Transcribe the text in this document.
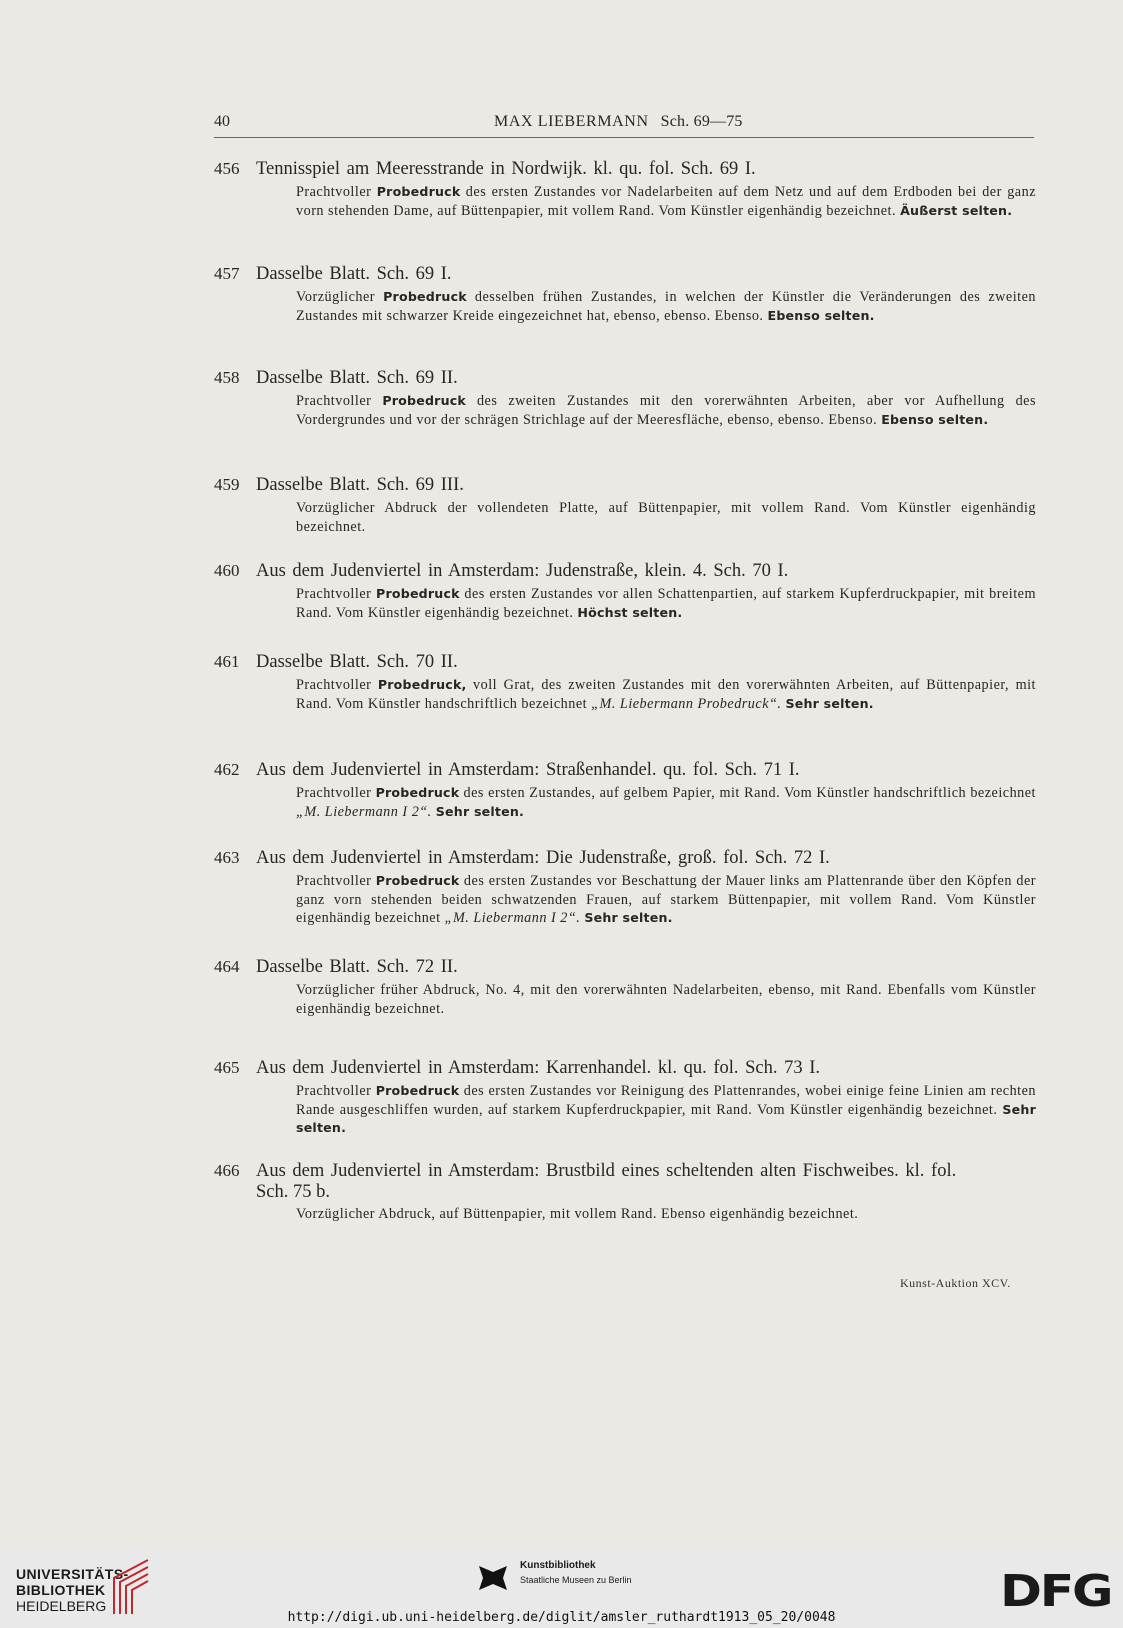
40	MAX LIEBERMANN Sch. 69—75
456 Tennisspiel am Meeresstrande in Nordwijk. kl. qu. fol. Sch. 69 I.
Prachtvoller Probedruck des ersten Zustandes vor Nadelarbeiten auf dem Netz und auf dem Erdboden bei der ganz vorn stehenden Dame, auf Büttenpapier, mit vollem Rand. Vom Künstler eigenhändig bezeichnet. Äußerst selten.
457 Dasselbe Blatt. Sch. 69 I.
Vorzüglicher Probedruck desselben frühen Zustandes, in welchen der Künstler die Veränderungen des zweiten Zustandes mit schwarzer Kreide eingezeichnet hat, ebenso, ebenso. Ebenso. Ebenso selten.
458 Dasselbe Blatt. Sch. 69 II.
Prachtvoller Probedruck des zweiten Zustandes mit den vorerwähnten Arbeiten, aber vor Aufhellung des Vordergrundes und vor der schrägen Strichlage auf der Meeresfläche, ebenso, ebenso. Ebenso. Ebenso selten.
459 Dasselbe Blatt. Sch. 69 III.
Vorzüglicher Abdruck der vollendeten Platte, auf Büttenpapier, mit vollem Rand. Vom Künstler eigenhändig bezeichnet.
460 Aus dem Judenviertel in Amsterdam: Judenstraße, klein. 4. Sch. 70 I.
Prachtvoller Probedruck des ersten Zustandes vor allen Schattenpartien, auf starkem Kupferdruckpapier, mit breitem Rand. Vom Künstler eigenhändig bezeichnet. Höchst selten.
461 Dasselbe Blatt. Sch. 70 II.
Prachtvoller Probedruck, voll Grat, des zweiten Zustandes mit den vorerwähnten Arbeiten, auf Büttenpapier, mit Rand. Vom Künstler handschriftlich bezeichnet „M. Liebermann Probedruck“. Sehr selten.
462 Aus dem Judenviertel in Amsterdam: Straßenhandel. qu. fol. Sch. 71 I.
Prachtvoller Probedruck des ersten Zustandes, auf gelbem Papier, mit Rand. Vom Künstler handschriftlich bezeichnet „M. Liebermann I 2“. Sehr selten.
463 Aus dem Judenviertel in Amsterdam: Die Judenstraße, groß. fol. Sch. 72 I.
Prachtvoller Probedruck des ersten Zustandes vor Beschattung der Mauer links am Plattenrande über den Köpfen der ganz vorn stehenden beiden schwatzenden Frauen, auf starkem Büttenpapier, mit vollem Rand. Vom Künstler eigenhändig bezeichnet „M. Liebermann I 2“. Sehr selten.
464 Dasselbe Blatt. Sch. 72 II.
Vorzüglicher früher Abdruck, No. 4, mit den vorerwähnten Nadelarbeiten, ebenso, mit Rand. Ebenfalls vom Künstler eigenhändig bezeichnet.
465 Aus dem Judenviertel in Amsterdam: Karrenhandel. kl. qu. fol. Sch. 73 I.
Prachtvoller Probedruck des ersten Zustandes vor Reinigung des Plattenrandes, wobei einige feine Linien am rechten Rande ausgeschliffen wurden, auf starkem Kupferdruckpapier, mit Rand. Vom Künstler eigenhändig bezeichnet. Sehr selten.
466 Aus dem Judenviertel in Amsterdam: Brustbild eines scheltenden alten Fischweibes. kl. fol.
Sch. 75 b.
Vorzüglicher Abdruck, auf Büttenpapier, mit vollem Rand. Ebenso eigenhändig bezeichnet.
Kunst-Auktion XCV.
UNIVERSITÄTS-
BIBLIOTHEK
HEIDELBERG
Kunstbibliothek
Staatliche Museen zu Berlin	DFG
http://digi.ub.uni-heidelberg.de/diglit/amsler_ruthardt1913_05_20/0048
